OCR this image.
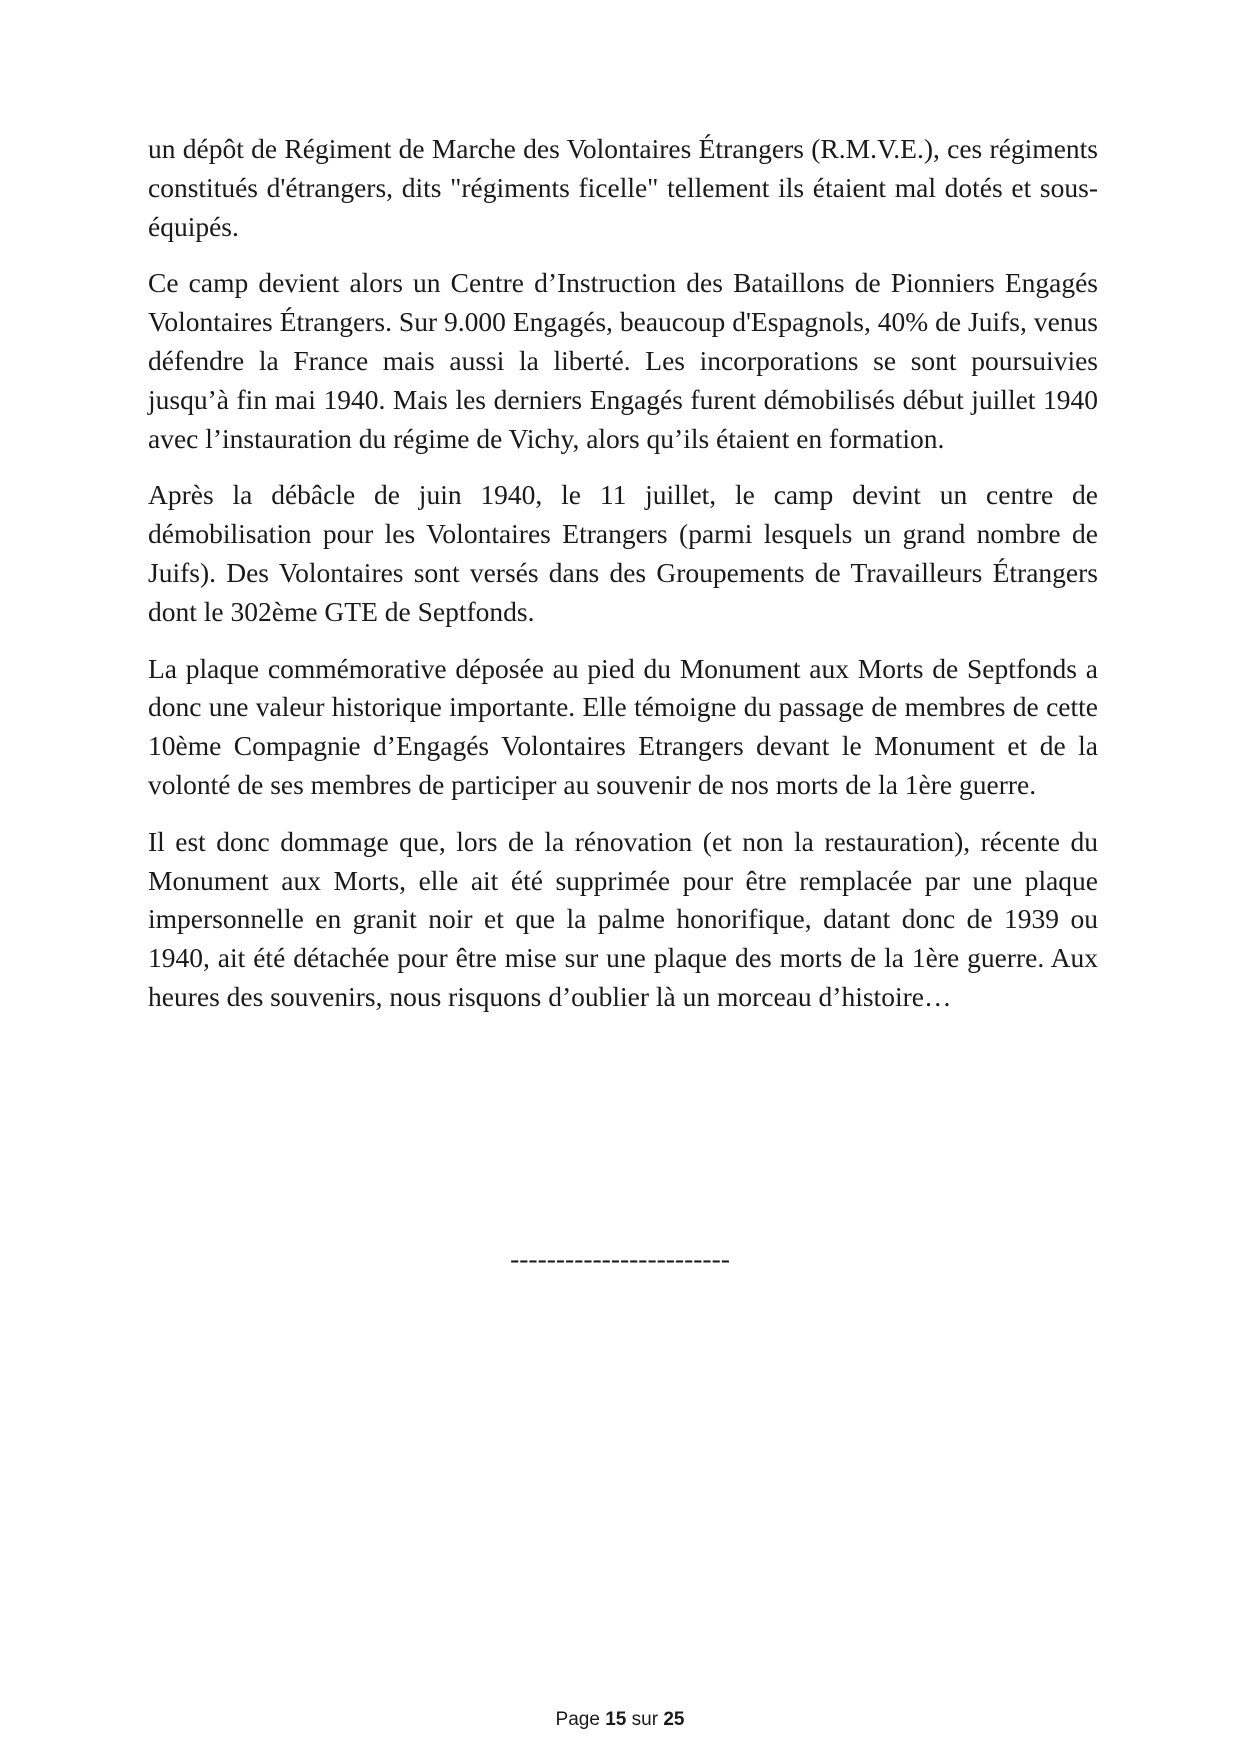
un dépôt de Régiment de Marche des Volontaires Étrangers (R.M.V.E.), ces régiments constitués d'étrangers, dits "régiments ficelle" tellement ils étaient mal dotés et sous-équipés.

Ce camp devient alors un Centre d’Instruction des Bataillons de Pionniers Engagés Volontaires Étrangers. Sur 9.000 Engagés, beaucoup d'Espagnols, 40% de Juifs, venus défendre la France mais aussi la liberté. Les incorporations se sont poursuivies jusqu’à fin mai 1940. Mais les derniers Engagés furent démobilisés début juillet 1940 avec l’instauration du régime de Vichy, alors qu’ils étaient en formation.

Après la débâcle de juin 1940, le 11 juillet, le camp devint un centre de démobilisation pour les Volontaires Etrangers (parmi lesquels un grand nombre de Juifs). Des Volontaires sont versés dans des Groupements de Travailleurs Étrangers dont le 302ème GTE de Septfonds.

La plaque commémorative déposée au pied du Monument aux Morts de Septfonds a donc une valeur historique importante. Elle témoigne du passage de membres de cette 10ème Compagnie d’Engagés Volontaires Etrangers devant le Monument et de la volonté de ses membres de participer au souvenir de nos morts de la 1ère guerre.

Il est donc dommage que, lors de la rénovation (et non la restauration), récente du Monument aux Morts, elle ait été supprimée pour être remplacée par une plaque impersonnelle en granit noir et que la palme honorifique, datant donc de 1939 ou 1940, ait été détachée pour être mise sur une plaque des morts de la 1ère guerre. Aux heures des souvenirs, nous risquons d’oublier là un morceau d’histoire…

------------------------
Page 15 sur 25
